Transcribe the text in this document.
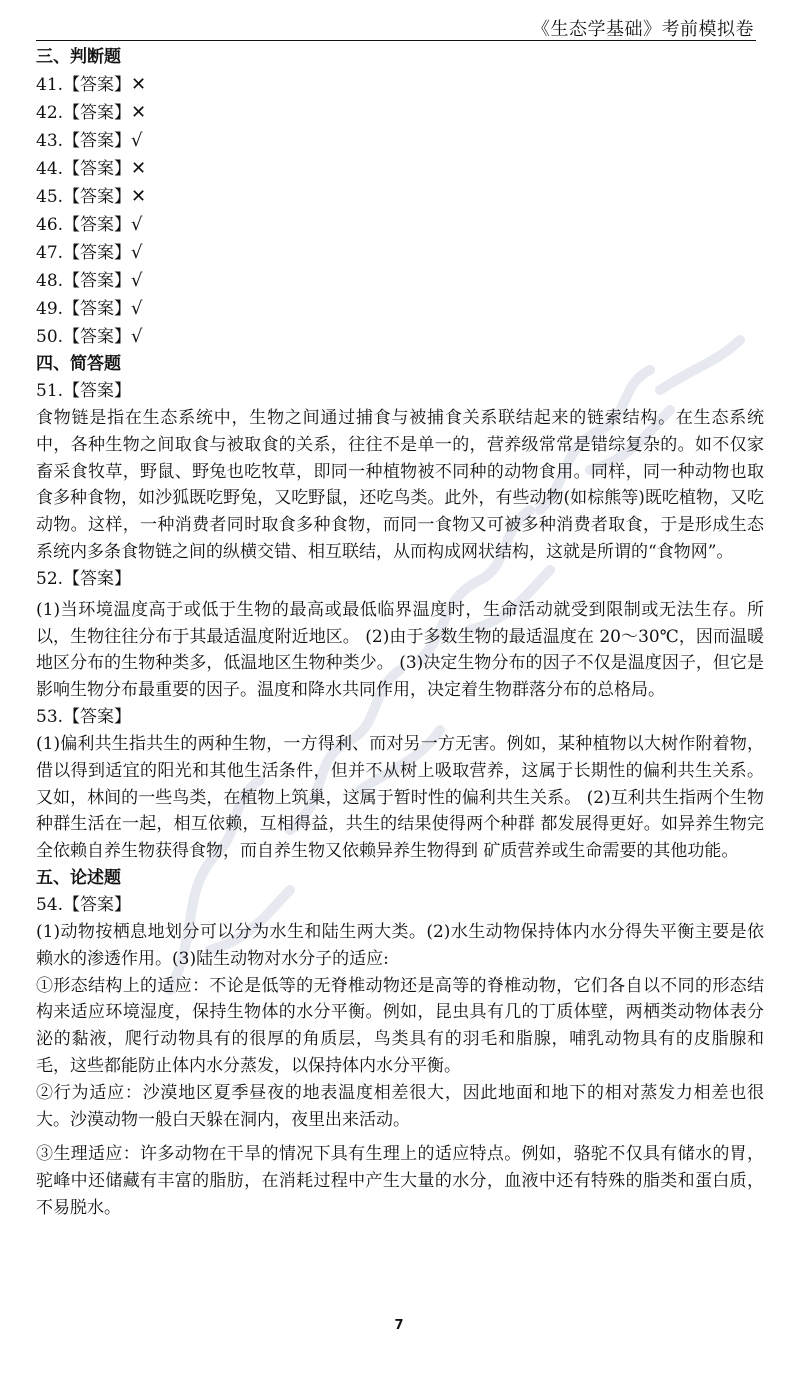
《生态学基础》考前模拟卷
三、判断题
41.【答案】✕
42.【答案】✕
43.【答案】√
44.【答案】✕
45.【答案】✕
46.【答案】√
47.【答案】√
48.【答案】√
49.【答案】√
50.【答案】√
四、简答题
51.【答案】
食物链是指在生态系统中，生物之间通过捕食与被捕食关系联结起来的链索结构。在生态系统中，各种生物之间取食与被取食的关系，往往不是单一的，营养级常常是错综复杂的。如不仅家畜采食牧草，野鼠、野兔也吃牧草，即同一种植物被不同种的动物食用。同样，同一种动物也取食多种食物，如沙狐既吃野兔，又吃野鼠，还吃鸟类。此外，有些动物(如棕熊等)既吃植物，又吃动物。这样，一种消费者同时取食多种食物，而同一食物又可被多种消费者取食，于是形成生态系统内多条食物链之间的纵横交错、相互联结，从而构成网状结构，这就是所谓的“食物网”。
52.【答案】
(1)当环境温度高于或低于生物的最高或最低临界温度时，生命活动就受到限制或无法生存。所以，生物往往分布于其最适温度附近地区。 (2)由于多数生物的最适温度在 20～30℃，因而温暖地区分布的生物种类多，低温地区生物种类少。 (3)决定生物分布的因子不仅是温度因子，但它是影响生物分布最重要的因子。温度和降水共同作用，决定着生物群落分布的总格局。
53.【答案】
(1)偏利共生指共生的两种生物，一方得利、而对另一方无害。例如，某种植物以大树作附着物，借以得到适宜的阳光和其他生活条件，但并不从树上吸取营养，这属于长期性的偏利共生关系。又如，林间的一些鸟类，在植物上筑巢，这属于暂时性的偏利共生关系。 (2)互利共生指两个生物种群生活在一起，相互依赖，互相得益，共生的结果使得两个种群 都发展得更好。如异养生物完全依赖自养生物获得食物，而自养生物又依赖异养生物得到 矿质营养或生命需要的其他功能。
五、论述题
54.【答案】
(1)动物按栖息地划分可以分为水生和陆生两大类。(2)水生动物保持体内水分得失平衡主要是依赖水的渗透作用。(3)陆生动物对水分子的适应:
①形态结构上的适应：不论是低等的无脊椎动物还是高等的脊椎动物，它们各自以不同的形态结构来适应环境湿度，保持生物体的水分平衡。例如，昆虫具有几的丁质体壁，两栖类动物体表分泌的黏液，爬行动物具有的很厚的角质层，鸟类具有的羽毛和脂腺，哺乳动物具有的皮脂腺和毛，这些都能防止体内水分蒸发，以保持体内水分平衡。
②行为适应：沙漠地区夏季昼夜的地表温度相差很大，因此地面和地下的相对蒸发力相差也很大。沙漠动物一般白天躲在洞内，夜里出来活动。
③生理适应：许多动物在干旱的情况下具有生理上的适应特点。例如，骆驼不仅具有储水的胃，驼峰中还储藏有丰富的脂肪，在消耗过程中产生大量的水分，血液中还有特殊的脂类和蛋白质，不易脱水。
7
